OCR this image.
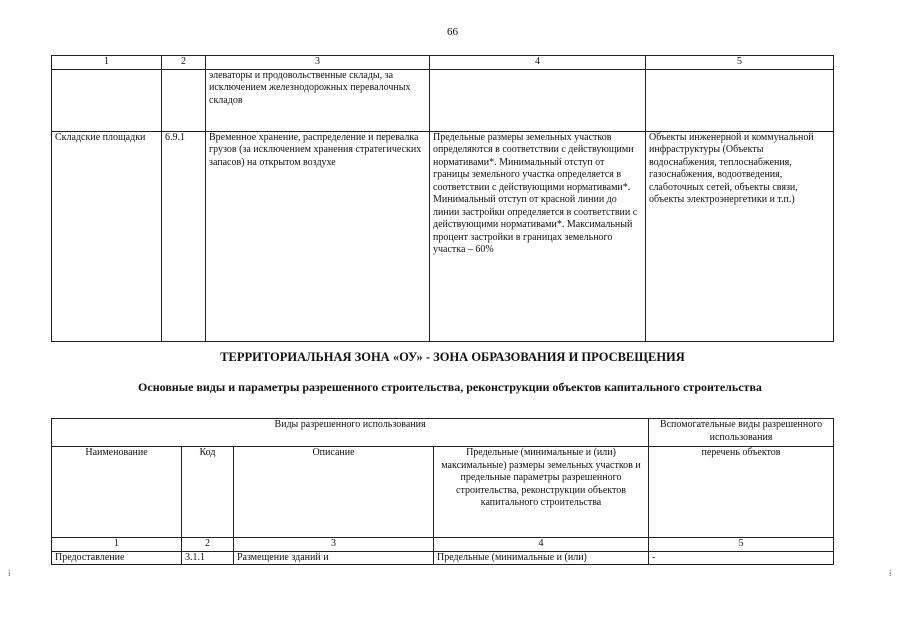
66
1	2	3	4	5
		элеваторы и продовольственные склады, за исключением железнодорожных перевалочных складов		
Складские площадки	6.9.1	Временное хранение, распределение и перевалка грузов (за исключением хранения стратегических запасов) на открытом воздухе	Предельные размеры земельных участков определяются в соответствии с действующими нормативами*. Минимальный отступ от границы земельного участка определяется в соответствии с действующими нормативами*. Минимальный отступ от красной линии до линии застройки определяется в соответствии с действующими нормативами*. Максимальный процент застройки в границах земельного участка – 60%	Объекты инженерной и коммунальной инфраструктуры (Объекты водоснабжения, теплоснабжения, газоснабжения, водоотведения, слаботочных сетей, объекты связи, объекты электроэнергетики и т.п.)
ТЕРРИТОРИАЛЬНАЯ ЗОНА «ОУ» - ЗОНА ОБРАЗОВАНИЯ И ПРОСВЕЩЕНИЯ
Основные виды и параметры разрешенного строительства, реконструкции объектов капитального строительства
Виды разрешенного использования				Вспомогательные виды разрешенного использования
Наименование	Код	Описание	Предельные (минимальные и (или) максимальные) размеры земельных участков и предельные параметры разрешенного строительства, реконструкции объектов капитального строительства	перечень объектов
1	2	3	4	5
Предоставление	3.1.1	Размещение зданий и	Предельные (минимальные и (или)	-
⁞	⁞
